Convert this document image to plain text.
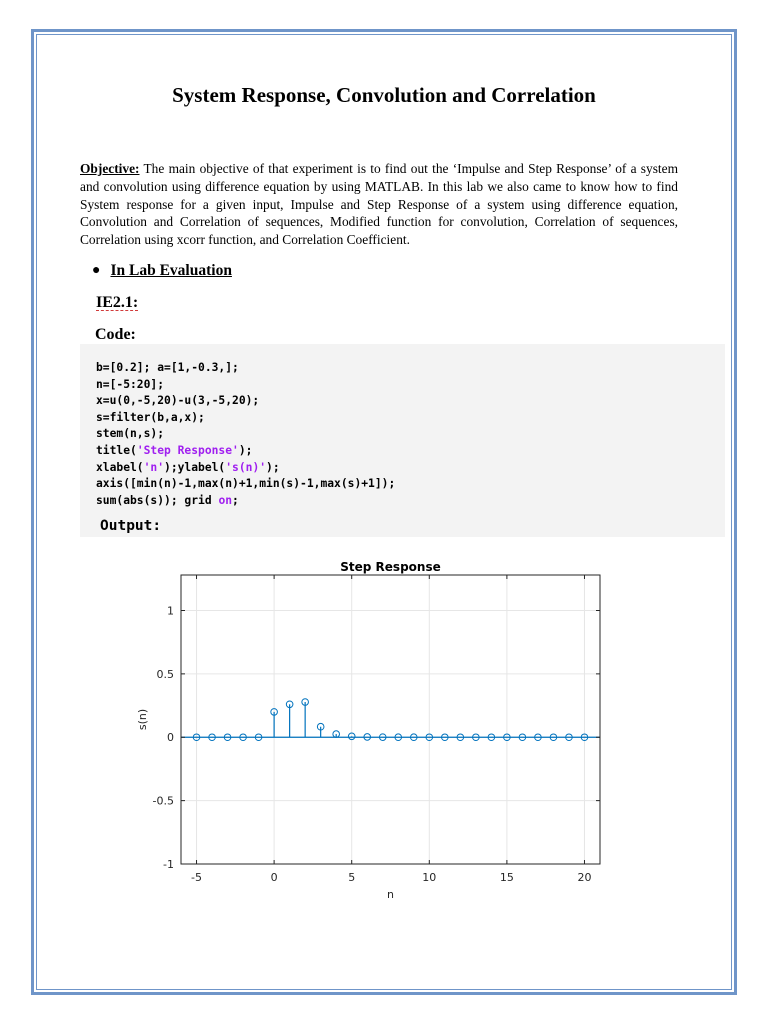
System Response, Convolution and Correlation

Objective: The main objective of that experiment is to find out the ‘Impulse and Step Response’ of a system and convolution using difference equation by using MATLAB. In this lab we also came to know how to find System response for a given input, Impulse and Step Response of a system using difference equation, Convolution and Correlation of sequences, Modified function for convolution, Correlation of sequences, Correlation using xcorr function, and Correlation Coefficient.

● In Lab Evaluation
IE2.1:
Code:
b=[0.2]; a=[1,-0.3,];
n=[-5:20];
x=u(0,-5,20)-u(3,-5,20);
s=filter(b,a,x);
stem(n,s);
title('Step Response');
xlabel('n');ylabel('s(n)');
axis([min(n)-1,max(n)+1,min(s)-1,max(s)+1]);
sum(abs(s)); grid on;
Output:
-5	0	5	10	15	20
-1
-0.5
0
0.5
1
Step Response
n
s(n)
